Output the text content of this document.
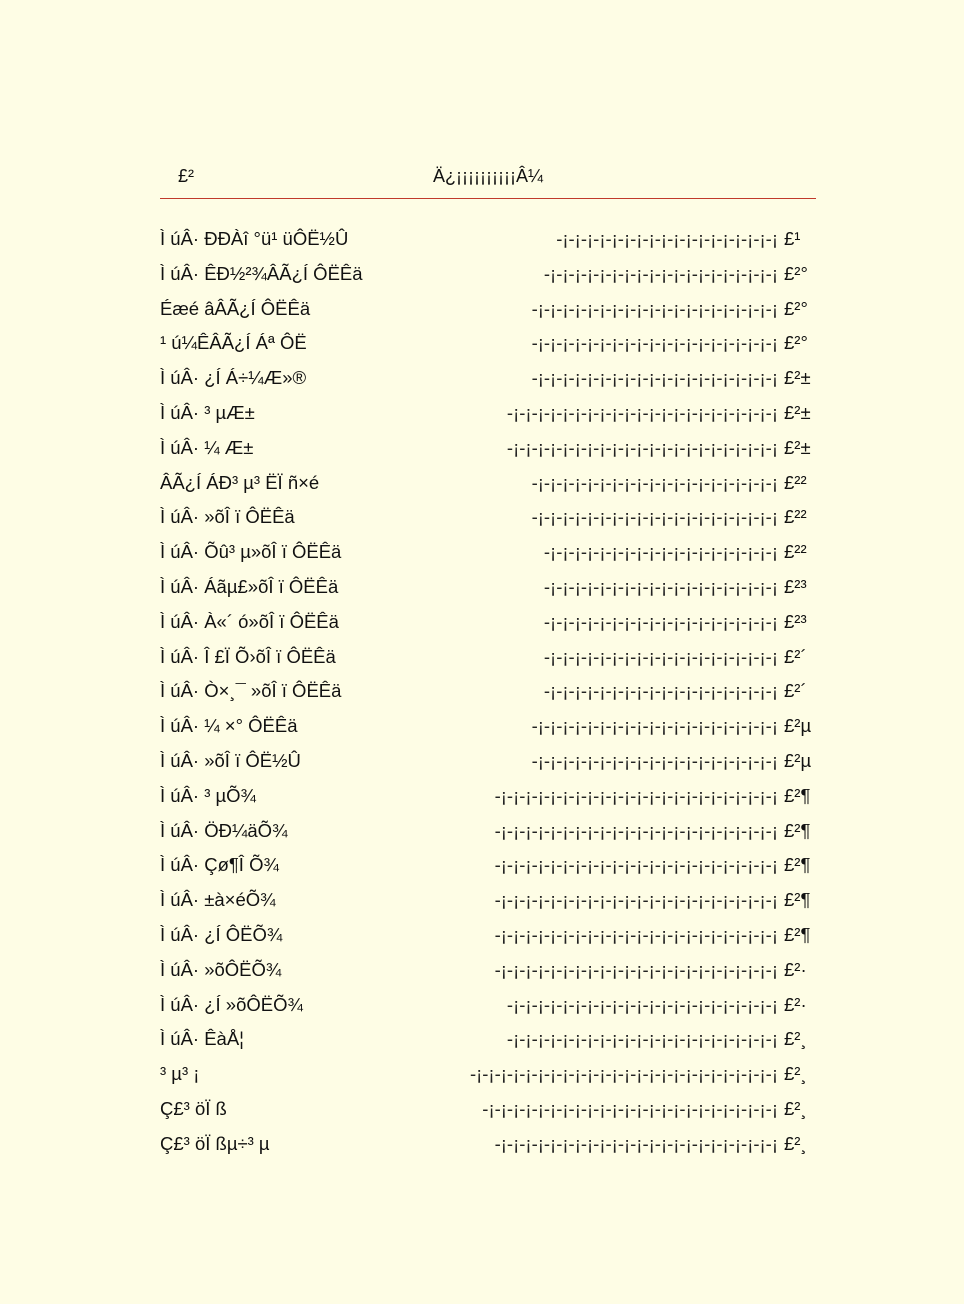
£²	Ä¿¡¡¡¡¡¡¡¡¡¡Â¼
Ì úÂ· ÐÐÀî °ü¹ üÔË½Û	¡-¡-¡-¡-¡-¡-¡-¡-¡-¡-¡-¡-¡-¡-¡-¡-¡-¡- £¹
Ì úÂ· ÊÐ½²¾ÂÃ¿Í ÔËÊä	¡-¡-¡-¡-¡-¡-¡-¡-¡-¡-¡-¡-¡-¡-¡-¡-¡-¡-¡- £²°
Éæé âÂÃ¿Í ÔËÊä	¡-¡-¡-¡-¡-¡-¡-¡-¡-¡-¡-¡-¡-¡-¡-¡-¡-¡-¡-¡- £²°
¹ ú¼ÊÂÃ¿Í Áª ÔË	¡-¡-¡-¡-¡-¡-¡-¡-¡-¡-¡-¡-¡-¡-¡-¡-¡-¡-¡-¡- £²°
Ì úÂ· ¿Í Á÷¼Æ»®	¡-¡-¡-¡-¡-¡-¡-¡-¡-¡-¡-¡-¡-¡-¡-¡-¡-¡-¡-¡- £²±
Ì úÂ· ³ µÆ±	¡-¡-¡-¡-¡-¡-¡-¡-¡-¡-¡-¡-¡-¡-¡-¡-¡-¡-¡-¡-¡-¡- £²±
Ì úÂ· ¼ Æ±	¡-¡-¡-¡-¡-¡-¡-¡-¡-¡-¡-¡-¡-¡-¡-¡-¡-¡-¡-¡-¡-¡- £²±
ÂÃ¿Í ÁÐ³ µ³ ËÏ ñ×é	¡-¡-¡-¡-¡-¡-¡-¡-¡-¡-¡-¡-¡-¡-¡-¡-¡-¡-¡-¡- £²²
Ì úÂ· »õÎ ï ÔËÊä	¡-¡-¡-¡-¡-¡-¡-¡-¡-¡-¡-¡-¡-¡-¡-¡-¡-¡-¡-¡- £²²
Ì úÂ· Õû³ µ»õÎ ï ÔËÊä	¡-¡-¡-¡-¡-¡-¡-¡-¡-¡-¡-¡-¡-¡-¡-¡-¡-¡-¡- £²²
Ì úÂ· Áãµ£»õÎ ï ÔËÊä	¡-¡-¡-¡-¡-¡-¡-¡-¡-¡-¡-¡-¡-¡-¡-¡-¡-¡-¡- £²³
Ì úÂ· À«´ ó»õÎ ï ÔËÊä	¡-¡-¡-¡-¡-¡-¡-¡-¡-¡-¡-¡-¡-¡-¡-¡-¡-¡-¡- £²³
Ì úÂ· Î £Ï Õ›õÎ ï ÔËÊä	¡-¡-¡-¡-¡-¡-¡-¡-¡-¡-¡-¡-¡-¡-¡-¡-¡-¡-¡- £²´
Ì úÂ· Ò×¸¯ »õÎ ï ÔËÊä	¡-¡-¡-¡-¡-¡-¡-¡-¡-¡-¡-¡-¡-¡-¡-¡-¡-¡-¡- £²´
Ì úÂ· ¼ ×° ÔËÊä	¡-¡-¡-¡-¡-¡-¡-¡-¡-¡-¡-¡-¡-¡-¡-¡-¡-¡-¡-¡- £²µ
Ì úÂ· »õÎ ï ÔË½Û	¡-¡-¡-¡-¡-¡-¡-¡-¡-¡-¡-¡-¡-¡-¡-¡-¡-¡-¡-¡- £²µ
Ì úÂ· ³ µÕ¾	¡-¡-¡-¡-¡-¡-¡-¡-¡-¡-¡-¡-¡-¡-¡-¡-¡-¡-¡-¡-¡-¡-¡- £²¶
Ì úÂ· ÖÐ¼äÕ¾	¡-¡-¡-¡-¡-¡-¡-¡-¡-¡-¡-¡-¡-¡-¡-¡-¡-¡-¡-¡-¡-¡-¡- £²¶
Ì úÂ· Çø¶Î Õ¾	¡-¡-¡-¡-¡-¡-¡-¡-¡-¡-¡-¡-¡-¡-¡-¡-¡-¡-¡-¡-¡-¡-¡- £²¶
Ì úÂ· ±à×éÕ¾	¡-¡-¡-¡-¡-¡-¡-¡-¡-¡-¡-¡-¡-¡-¡-¡-¡-¡-¡-¡-¡-¡-¡- £²¶
Ì úÂ· ¿Í ÔËÕ¾	¡-¡-¡-¡-¡-¡-¡-¡-¡-¡-¡-¡-¡-¡-¡-¡-¡-¡-¡-¡-¡-¡-¡- £²¶
Ì úÂ· »õÔËÕ¾	¡-¡-¡-¡-¡-¡-¡-¡-¡-¡-¡-¡-¡-¡-¡-¡-¡-¡-¡-¡-¡-¡-¡- £²·
Ì úÂ· ¿Í »õÔËÕ¾	¡-¡-¡-¡-¡-¡-¡-¡-¡-¡-¡-¡-¡-¡-¡-¡-¡-¡-¡-¡-¡-¡- £²·
Ì úÂ· ÊàÅ¦	¡-¡-¡-¡-¡-¡-¡-¡-¡-¡-¡-¡-¡-¡-¡-¡-¡-¡-¡-¡-¡-¡- £²¸
³ µ³ ¡	¡-¡-¡-¡-¡-¡-¡-¡-¡-¡-¡-¡-¡-¡-¡-¡-¡-¡-¡-¡-¡-¡-¡-¡-¡- £²¸
Ç£³ öÏ ß	¡-¡-¡-¡-¡-¡-¡-¡-¡-¡-¡-¡-¡-¡-¡-¡-¡-¡-¡-¡-¡-¡-¡-¡- £²¸
Ç£³ öÏ ßµ÷³ µ	¡-¡-¡-¡-¡-¡-¡-¡-¡-¡-¡-¡-¡-¡-¡-¡-¡-¡-¡-¡-¡-¡-¡- £²¸
